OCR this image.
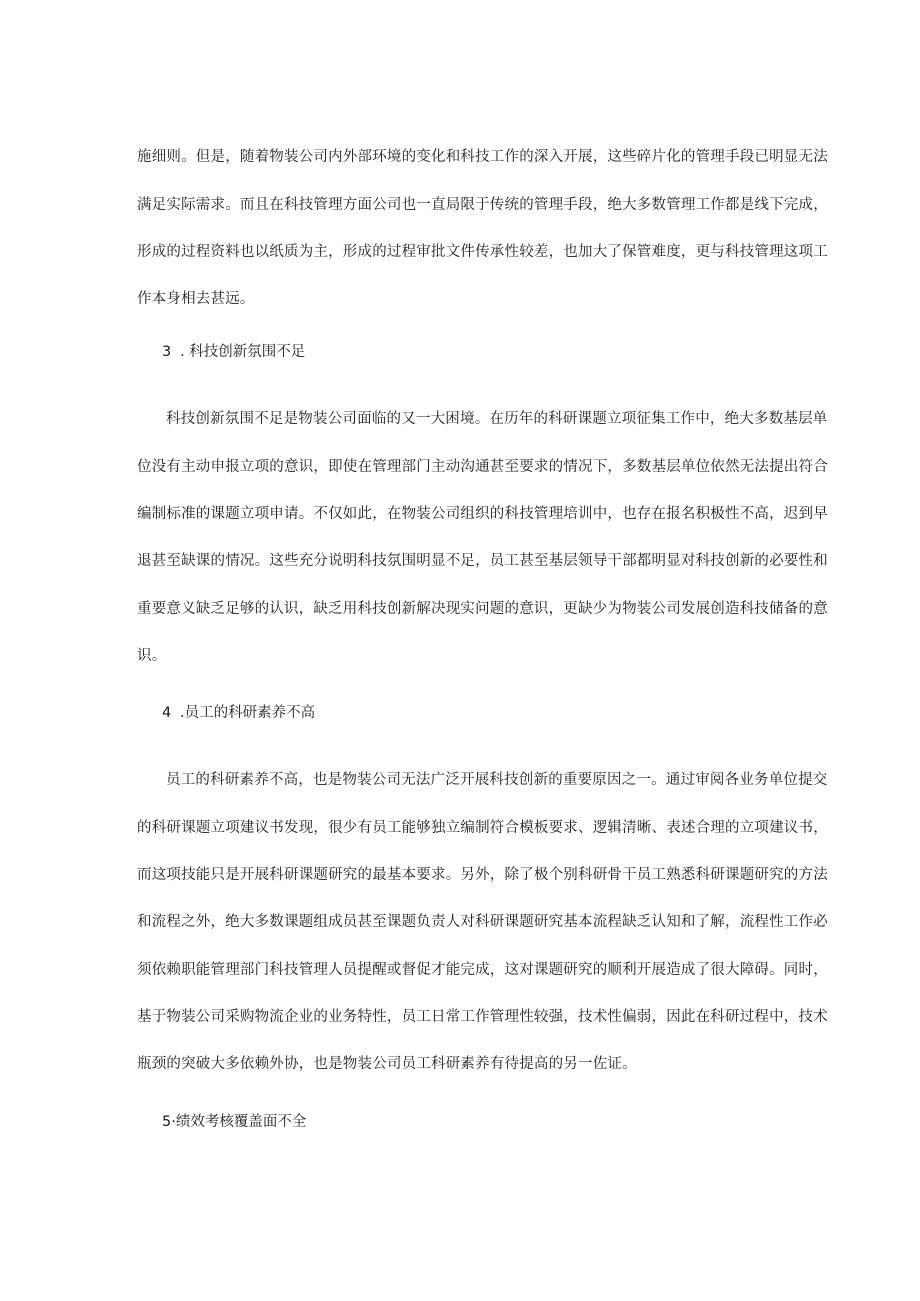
施细则。但是，随着物装公司内外部环境的变化和科技工作的深入开展，这些碎片化的管理手段已明显无法
满足实际需求。而且在科技管理方面公司也一直局限于传统的管理手段，绝大多数管理工作都是线下完成，
形成的过程资料也以纸质为主，形成的过程审批文件传承性较差，也加大了保管难度，更与科技管理这项工
作本身相去甚远。
3 . 科技创新氛围不足
科技创新氛围不足是物装公司面临的又一大困境。在历年的科研课题立项征集工作中，绝大多数基层单
位没有主动申报立项的意识，即使在管理部门主动沟通甚至要求的情况下，多数基层单位依然无法提出符合
编制标准的课题立项申请。不仅如此，在物装公司组织的科技管理培训中，也存在报名积极性不高，迟到早
退甚至缺课的情况。这些充分说明科技氛围明显不足，员工甚至基层领导干部都明显对科技创新的必要性和
重要意义缺乏足够的认识，缺乏用科技创新解决现实问题的意识，更缺少为物装公司发展创造科技储备的意
识。
4 .员工的科研素养不高
员工的科研素养不高，也是物装公司无法广泛开展科技创新的重要原因之一。通过审阅各业务单位提交
的科研课题立项建议书发现，很少有员工能够独立编制符合模板要求、逻辑清晰、表述合理的立项建议书，
而这项技能只是开展科研课题研究的最基本要求。另外，除了极个别科研骨干员工熟悉科研课题研究的方法
和流程之外，绝大多数课题组成员甚至课题负责人对科研课题研究基本流程缺乏认知和了解，流程性工作必
须依赖职能管理部门科技管理人员提醒或督促才能完成，这对课题研究的顺利开展造成了很大障碍。同时，
基于物装公司采购物流企业的业务特性，员工日常工作管理性较强，技术性偏弱，因此在科研过程中，技术
瓶颈的突破大多依赖外协，也是物装公司员工科研素养有待提高的另一佐证。
5·绩效考核覆盖面不全
